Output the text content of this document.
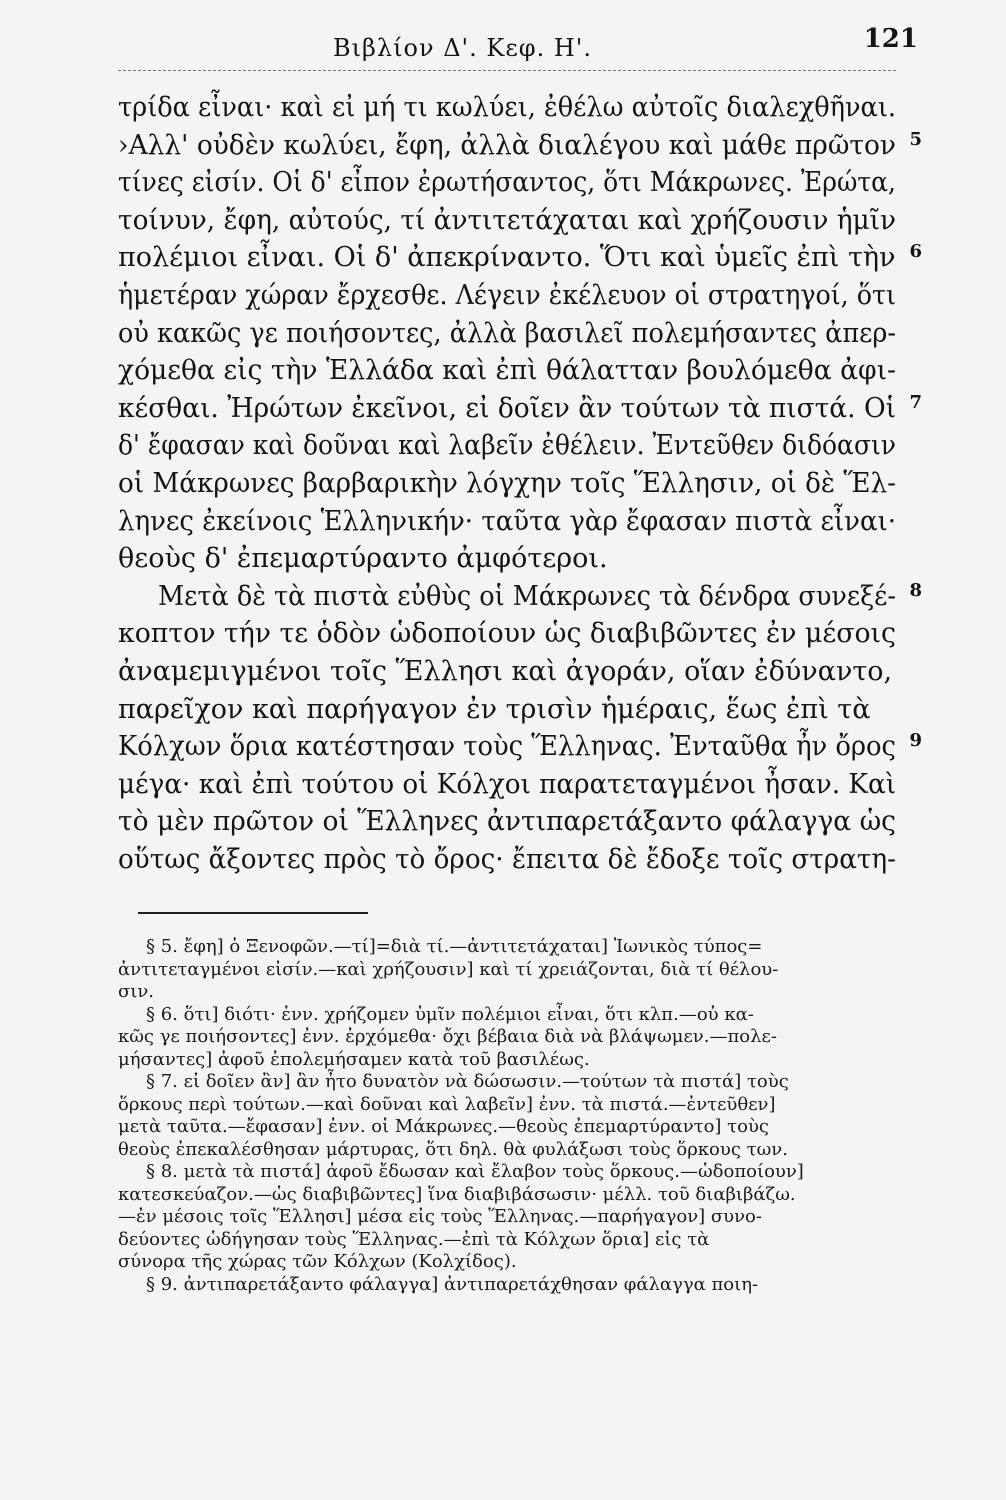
Βιβλίον Δ'. Κεφ. Η'.	121
τρίδα εἶναι· καὶ εἰ μή τι κωλύει, ἐθέλω αὐτοῖς διαλεχθῆναι.
›Αλλ' οὐδὲν κωλύει, ἔφη, ἀλλὰ διαλέγου καὶ μάθε πρῶτον 5
τίνες εἰσίν. Οἱ δ' εἶπον ἐρωτήσαντος, ὅτι Μάκρωνες. Ἐρώτα,
τοίνυν, ἔφη, αὐτούς, τί ἀντιτετάχαται καὶ χρήζουσιν ἡμῖν
πολέμιοι εἶναι. Οἱ δ' ἀπεκρίναντο. Ὅτι καὶ ὑμεῖς ἐπὶ τὴν 6
ἡμετέραν χώραν ἔρχεσθε. Λέγειν ἐκέλευον οἱ στρατηγοί, ὅτι
οὐ κακῶς γε ποιήσοντες, ἀλλὰ βασιλεῖ πολεμήσαντες ἀπερ-
χόμεθα εἰς τὴν Ἑλλάδα καὶ ἐπὶ θάλατταν βουλόμεθα ἀφι-
κέσθαι. Ἠρώτων ἐκεῖνοι, εἰ δοῖεν ἂν τούτων τὰ πιστά. Οἱ 7
δ' ἔφασαν καὶ δοῦναι καὶ λαβεῖν ἐθέλειν. Ἐντεῦθεν διδόασιν
οἱ Μάκρωνες βαρβαρικὴν λόγχην τοῖς Ἕλλησιν, οἱ δὲ Ἕλ-
ληνες ἐκείνοις Ἑλληνικήν· ταῦτα γὰρ ἔφασαν πιστὰ εἶναι·
θεοὺς δ' ἐπεμαρτύραντο ἀμφότεροι.
Μετὰ δὲ τὰ πιστὰ εὐθὺς οἱ Μάκρωνες τὰ δένδρα συνεξέ- 8
κοπτον τήν τε ὁδὸν ὡδοποίουν ὡς διαβιβῶντες ἐν μέσοις
ἀναμεμιγμένοι τοῖς Ἕλλησι καὶ ἀγοράν, οἵαν ἐδύναντο,
παρεῖχον καὶ παρήγαγον ἐν τρισὶν ἡμέραις, ἕως ἐπὶ τὰ
Κόλχων ὅρια κατέστησαν τοὺς Ἕλληνας. Ἐνταῦθα ἦν ὄρος 9
μέγα· καὶ ἐπὶ τούτου οἱ Κόλχοι παρατεταγμένοι ἦσαν. Καὶ
τὸ μὲν πρῶτον οἱ Ἕλληνες ἀντιπαρετάξαντο φάλαγγα ὡς
οὕτως ἄξοντες πρὸς τὸ ὄρος· ἔπειτα δὲ ἔδοξε τοῖς στρατη-
§ 5. ἔφη] ὁ Ξενοφῶν.—τί]=διὰ τί.—ἀντιτετάχαται] Ἰωνικὸς τύπος=
ἀντιτεταγμένοι εἰσίν.—καὶ χρήζουσιν] καὶ τί χρειάζονται, διὰ τί θέλου-
σιν.
§ 6. ὅτι] διότι· ἐνν. χρήζομεν ὑμῖν πολέμιοι εἶναι, ὅτι κλπ.—οὐ κα-
κῶς γε ποιήσοντες] ἐνν. ἐρχόμεθα· ὄχι βέβαια διὰ νὰ βλάψωμεν.—πολε-
μήσαντες] ἀφοῦ ἐπολεμήσαμεν κατὰ τοῦ βασιλέως.
§ 7. εἰ δοῖεν ἂν] ἂν ἦτο δυνατὸν νὰ δώσωσιν.—τούτων τὰ πιστά] τοὺς
ὅρκους περὶ τούτων.—καὶ δοῦναι καὶ λαβεῖν] ἐνν. τὰ πιστά.—ἐντεῦθεν]
μετὰ ταῦτα.—ἔφασαν] ἐνν. οἱ Μάκρωνες.—θεοὺς ἐπεμαρτύραντο] τοὺς
θεοὺς ἐπεκαλέσθησαν μάρτυρας, ὅτι δηλ. θὰ φυλάξωσι τοὺς ὅρκους των.
§ 8. μετὰ τὰ πιστά] ἀφοῦ ἔδωσαν καὶ ἔλαβον τοὺς ὅρκους.—ὡδοποίουν]
κατεσκεύαζον.—ὡς διαβιβῶντες] ἵνα διαβιβάσωσιν· μέλλ. τοῦ διαβιβάζω.
—ἐν μέσοις τοῖς Ἕλλησι] μέσα εἰς τοὺς Ἕλληνας.—παρήγαγον] συνο-
δεύοντες ὡδήγησαν τοὺς Ἕλληνας.—ἐπὶ τὰ Κόλχων ὅρια] εἰς τὰ
σύνορα τῆς χώρας τῶν Κόλχων (Κολχίδος).
§ 9. ἀντιπαρετάξαντο φάλαγγα] ἀντιπαρετάχθησαν φάλαγγα ποιη-
